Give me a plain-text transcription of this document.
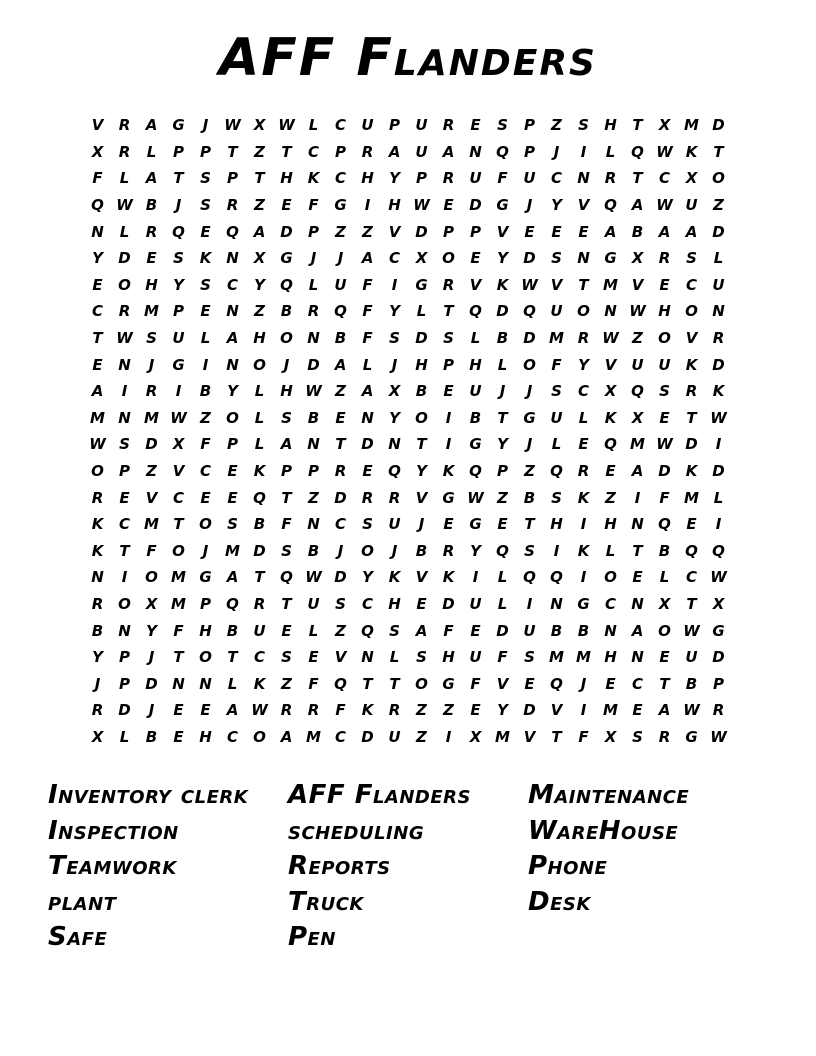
AFF Flanders
V	R	A	G	J	W X W L	C	U	P	U	R	E	S	P	Z	S	H	T	X M D
X	R	L	P	P	T	Z	T	C	P	R	A	U	A N Q	P	J	I	L	Q W K	T
F	L	A	T	S	P	T	H K	C	H	Y	P	R	U	F	U	C	N R	T	C	X O
Q W B	J	S	R	Z	E	F	G	I	H W E	D G	J	Y	V Q A W U	Z
N	L	R Q	E	Q A D	P	Z	Z	V D	P	P	V	E	E	E	A	B	A	A D
Y	D	E	S	K N X	G	J	J	A	C	X O	E	Y	D	S	N G	X	R	S	L
E	O H	Y	S	C	Y	Q	L	U	F	I	G	R	V	K W V	T M V	E	C	U
C	R M P	E	N	Z	B	R Q	F	Y	L	T	Q D Q U O N W H O N
T W S	U	L	A H O N	B	F	S	D	S	L	B	D M R W Z	O V	R
E	N	J	G	I	N O	J	D A	L	J	H	P	H	L	O	F	Y	V	U U	K D
A	I	R	I	B	Y	L	H W Z	A	X	B	E	U	J	J	S	C	X Q	S	R	K
M N M W Z	O	L	S	B	E	N	Y	O	I	B	T	G U	L	K	X	E	T W
W S	D X	F	P	L	A N	T	D N	T	I	G	Y	J	L	E	Q M W D	I
O	P	Z	V	C	E	K	P	P	R	E	Q	Y	K Q	P	Z	Q R	E	A D K D
R	E	V	C	E	E	Q	T	Z	D	R	R	V	G W Z	B	S	K	Z	I	F M L
K	C M T	O	S	B	F	N	C	S	U	J	E	G	E	T	H	I	H N Q	E	I
K	T	F	O	J	M D	S	B	J	O	J	B	R	Y	Q	S	I	K	L	T	B Q Q
N	I	O M G	A	T	Q W D	Y	K	V	K	I	L	Q Q	I	O	E	L	C W
R O X M P	Q R	T	U	S	C	H	E	D U	L	I	N G	C	N X	T	X
B	N	Y	F	H	B	U	E	L	Z	Q	S	A	F	E	D U	B	B	N A O W G
Y	P	J	T	O	T	C	S	E	V N	L	S	H U	F	S M M H N	E	U D
J	P	D N N	L	K	Z	F	Q	T	T	O G	F	V	E	Q	J	E	C	T	B	P
R D	J	E	E	A W R	R	F	K	R	Z	Z	E	Y	D V	I	M E	A W R
X	L	B	E	H	C	O A M C	D U	Z	I	X M V	T	F	X	S	R	G W
Inventory clerk
Inspection
Teamwork
plant
Safe
AFF Flanders
scheduling
Reports
Truck
Pen
Maintenance
WareHouse
Phone
Desk
